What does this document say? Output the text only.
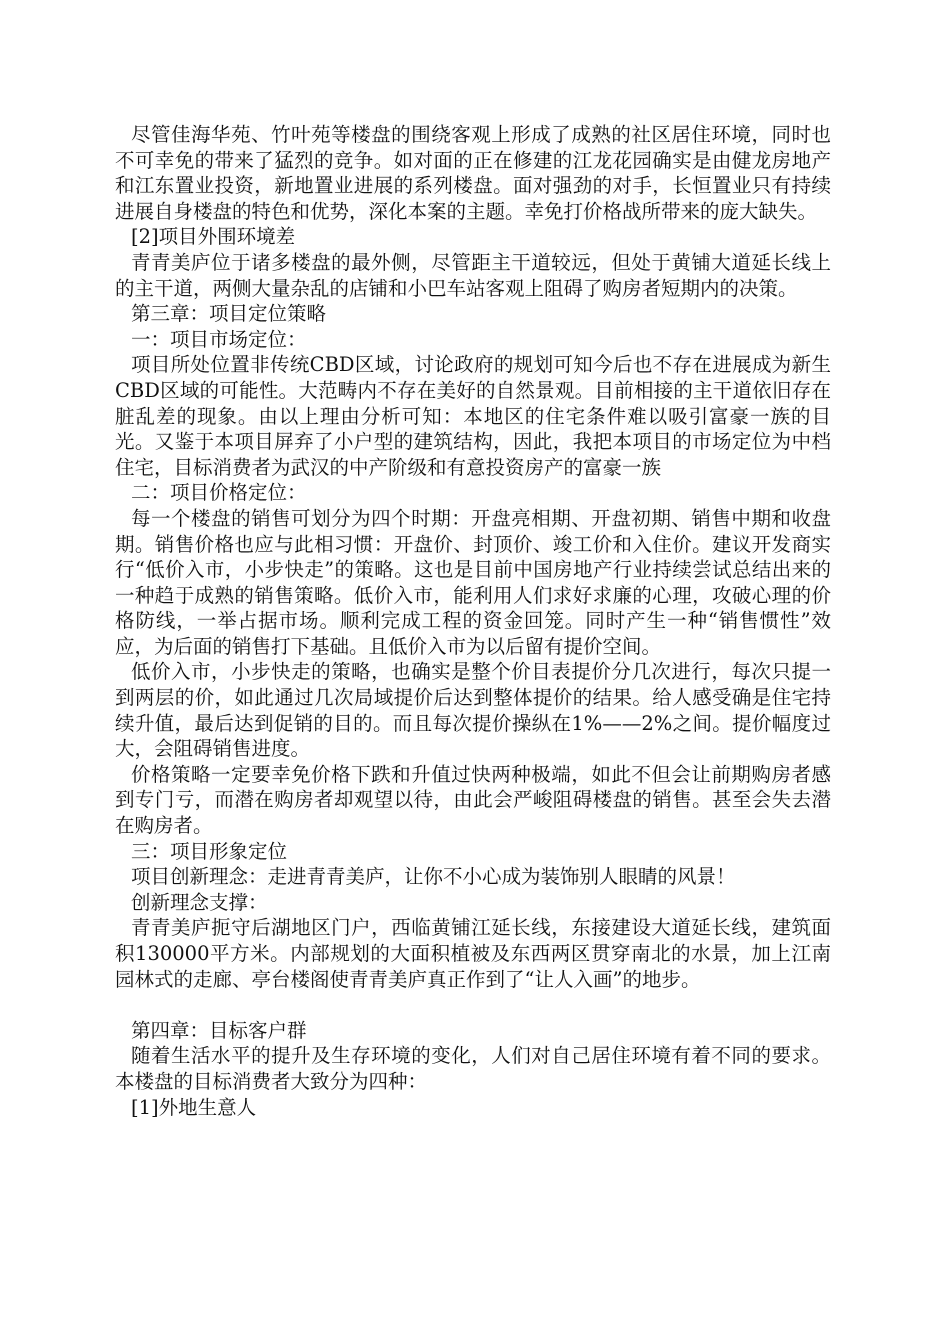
尽管佳海华苑、竹叶苑等楼盘的围绕客观上形成了成熟的社区居住环境，同时也不可幸免的带来了猛烈的竞争。如对面的正在修建的江龙花园确实是由健龙房地产和江东置业投资，新地置业进展的系列楼盘。面对强劲的对手，长恒置业只有持续进展自身楼盘的特色和优势，深化本案的主题。幸免打价格战所带来的庞大缺失。

[2]项目外围环境差

青青美庐位于诸多楼盘的最外侧，尽管距主干道较远，但处于黄铺大道延长线上的主干道，两侧大量杂乱的店铺和小巴车站客观上阻碍了购房者短期内的决策。

第三章：项目定位策略

一：项目市场定位：

项目所处位置非传统CBD区域，讨论政府的规划可知今后也不存在进展成为新生CBD区域的可能性。大范畴内不存在美好的自然景观。目前相接的主干道依旧存在脏乱差的现象。由以上理由分析可知：本地区的住宅条件难以吸引富豪一族的目光。又鉴于本项目屏弃了小户型的建筑结构，因此，我把本项目的市场定位为中档住宅，目标消费者为武汉的中产阶级和有意投资房产的富豪一族

二：项目价格定位：

每一个楼盘的销售可划分为四个时期：开盘亮相期、开盘初期、销售中期和收盘期。销售价格也应与此相习惯：开盘价、封顶价、竣工价和入住价。建议开发商实行“低价入市，小步快走”的策略。这也是目前中国房地产行业持续尝试总结出来的一种趋于成熟的销售策略。低价入市，能利用人们求好求廉的心理，攻破心理的价格防线，一举占据市场。顺利完成工程的资金回笼。同时产生一种“销售惯性”效应，为后面的销售打下基础。且低价入市为以后留有提价空间。

低价入市，小步快走的策略，也确实是整个价目表提价分几次进行，每次只提一到两层的价，如此通过几次局域提价后达到整体提价的结果。给人感受确是住宅持续升值，最后达到促销的目的。而且每次提价操纵在1%——2%之间。提价幅度过大，会阻碍销售进度。

价格策略一定要幸免价格下跌和升值过快两种极端，如此不但会让前期购房者感到专门亏，而潜在购房者却观望以待，由此会严峻阻碍楼盘的销售。甚至会失去潜在购房者。

三：项目形象定位

项目创新理念：走进青青美庐，让你不小心成为装饰别人眼睛的风景！

创新理念支撑：

青青美庐扼守后湖地区门户，西临黄铺江延长线，东接建设大道延长线，建筑面积130000平方米。内部规划的大面积植被及东西两区贯穿南北的水景，加上江南园林式的走廊、亭台楼阁使青青美庐真正作到了“让人入画”的地步。

第四章：目标客户群

随着生活水平的提升及生存环境的变化，人们对自己居住环境有着不同的要求。本楼盘的目标消费者大致分为四种：

[1]外地生意人
